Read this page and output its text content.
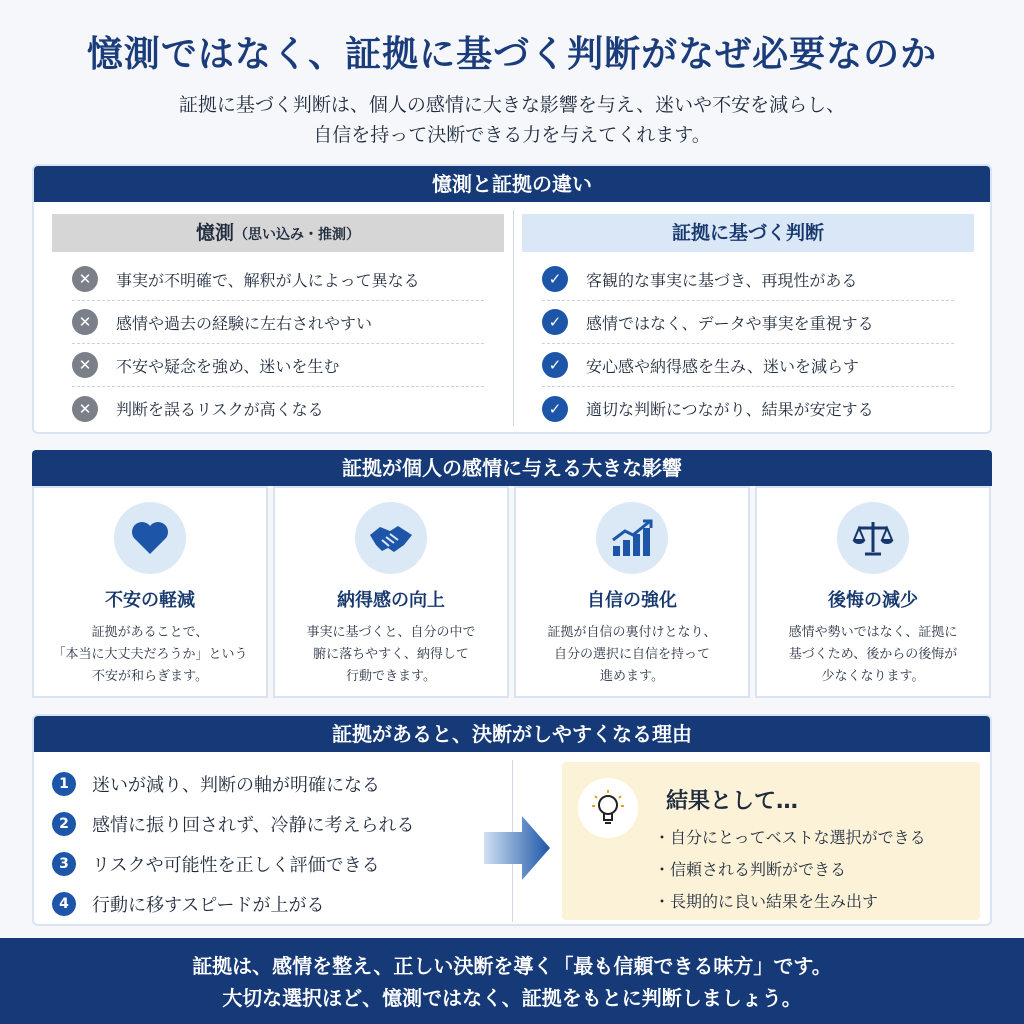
憶測ではなく、証拠に基づく判断がなぜ必要なのか
証拠に基づく判断は、個人の感情に大きな影響を与え、迷いや不安を減らし、
自信を持って決断できる力を与えてくれます。
憶測と証拠の違い
憶測（思い込み・推測）
✕	事実が不明確で、解釈が人によって異なる
✕	感情や過去の経験に左右されやすい
✕	不安や疑念を強め、迷いを生む
✕	判断を誤るリスクが高くなる
証拠に基づく判断
✓	客観的な事実に基づき、再現性がある
✓	感情ではなく、データや事実を重視する
✓	安心感や納得感を生み、迷いを減らす
✓	適切な判断につながり、結果が安定する
証拠が個人の感情に与える大きな影響
不安の軽減

証拠があることで、
「本当に大丈夫だろうか」という
不安が和らぎます。

納得感の向上

事実に基づくと、自分の中で
腑に落ちやすく、納得して
行動できます。

自信の強化

証拠が自信の裏付けとなり、
自分の選択に自信を持って
進めます。

後悔の減少

感情や勢いではなく、証拠に
基づくため、後からの後悔が
少なくなります。

証拠があると、決断がしやすくなる理由
1	迷いが減り、判断の軸が明確になる
2	感情に振り回されず、冷静に考えられる
3	リスクや可能性を正しく評価できる
4	行動に移すスピードが上がる
結果として…
・自分にとってベストな選択ができる
・信頼される判断ができる
・長期的に良い結果を生み出す
証拠は、感情を整え、正しい決断を導く「最も信頼できる味方」です。
大切な選択ほど、憶測ではなく、証拠をもとに判断しましょう。
